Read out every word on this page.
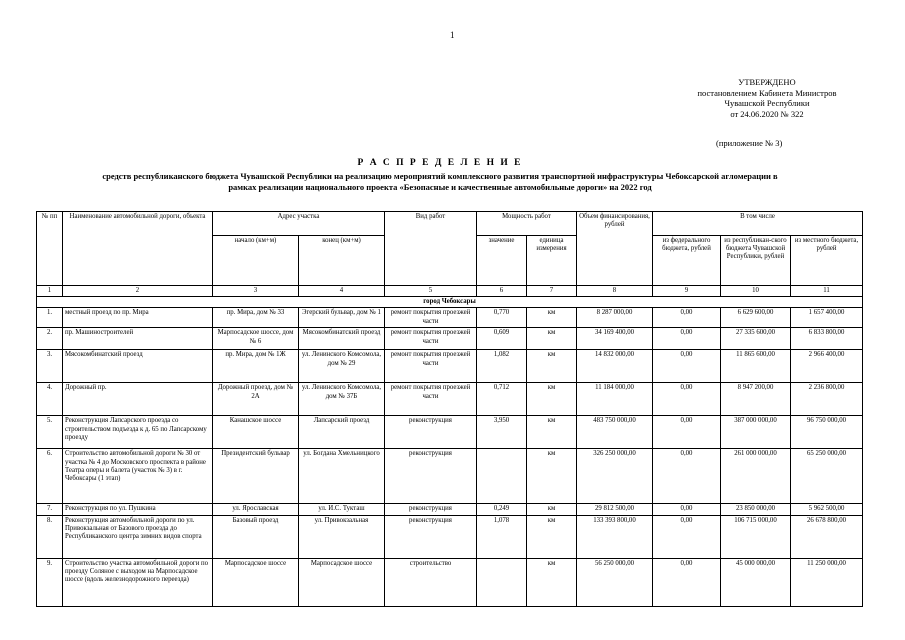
1
УТВЕРЖДЕНО
постановлением Кабинета Министров
Чувашской Республики
от 24.06.2020 № 322
(приложение № 3)
Р А С П Р Е Д Е Л Е Н И Е
средств республиканского бюджета Чувашской Республики на реализацию мероприятий комплексного развития транспортной инфраструктуры Чебоксарской агломерации в
рамках реализации национального проекта «Безопасные и качественные автомобильные дороги» на 2022 год
№ пп	Наименование автомобильной дороги, объекта	Адрес участка		Вид работ	Мощность работ		Объем финансирования, рублей	В том числе		
		начало (км+м)	конец (км+м)		значение	единица измерения		из федерального бюджета, рублей	из республикан-ского бюджета Чувашской Республики, рублей	из местного бюджета, рублей
1	2	3	4	5	6	7	8	9	10	11
город Чебоксары										
1.	местный проезд по пр. Мира	пр. Мира, дом № 33	Эгерский бульвар, дом № 1	ремонт покрытия проезжей части	0,770	км	8 287 000,00	0,00	6 629 600,00	1 657 400,00
2.	пр. Машиностроителей	Марпосадское шоссе, дом № 6	Мясокомбинатский проезд	ремонт покрытия проезжей части	0,609	км	34 169 400,00	0,00	27 335 600,00	6 833 800,00
3.	Мясокомбинатский проезд	пр. Мира, дом № 1Ж	ул. Ленинского Комсомола, дом № 29	ремонт покрытия проезжей части	1,082	км	14 832 000,00	0,00	11 865 600,00	2 966 400,00
4.	Дорожный пр.	Дорожный проезд, дом № 2А	ул. Ленинского Комсомола, дом № 37Б	ремонт покрытия проезжей части	0,712	км	11 184 000,00	0,00	8 947 200,00	2 236 800,00
5.	Реконструкция Лапсарского проезда со строительством подъезда к д. 65 по Лапсарскому проезду	Канашское шоссе	Лапсарский проезд	реконструкция	3,950	км	483 750 000,00	0,00	387 000 000,00	96 750 000,00
6.	Строительство автомобильной дороги № 30 от участка № 4 до Московского проспекта в районе Театра оперы и балета (участок № 3) в г. Чебоксары (1 этап)	Президентский бульвар	ул. Богдана Хмельницкого	реконструкция		км	326 250 000,00	0,00	261 000 000,00	65 250 000,00
7.	Реконструкция по ул. Пушкина	ул. Ярославская	ул. И.С. Тукташ	реконструкция	0,249	км	29 812 500,00	0,00	23 850 000,00	5 962 500,00
8.	Реконструкция автомобильной дороги по ул. Привокзальная от Базового проезда до Республиканского центра зимних видов спорта	Базовый проезд	ул. Привокзальная	реконструкция	1,078	км	133 393 800,00	0,00	106 715 000,00	26 678 800,00
9.	Строительство участка автомобильной дороги по проезду Соляное с выходом на Марпосадское шоссе (вдоль железнодорожного переезда)	Марпосадское шоссе	Марпосадское шоссе	строительство		км	56 250 000,00	0,00	45 000 000,00	11 250 000,00
